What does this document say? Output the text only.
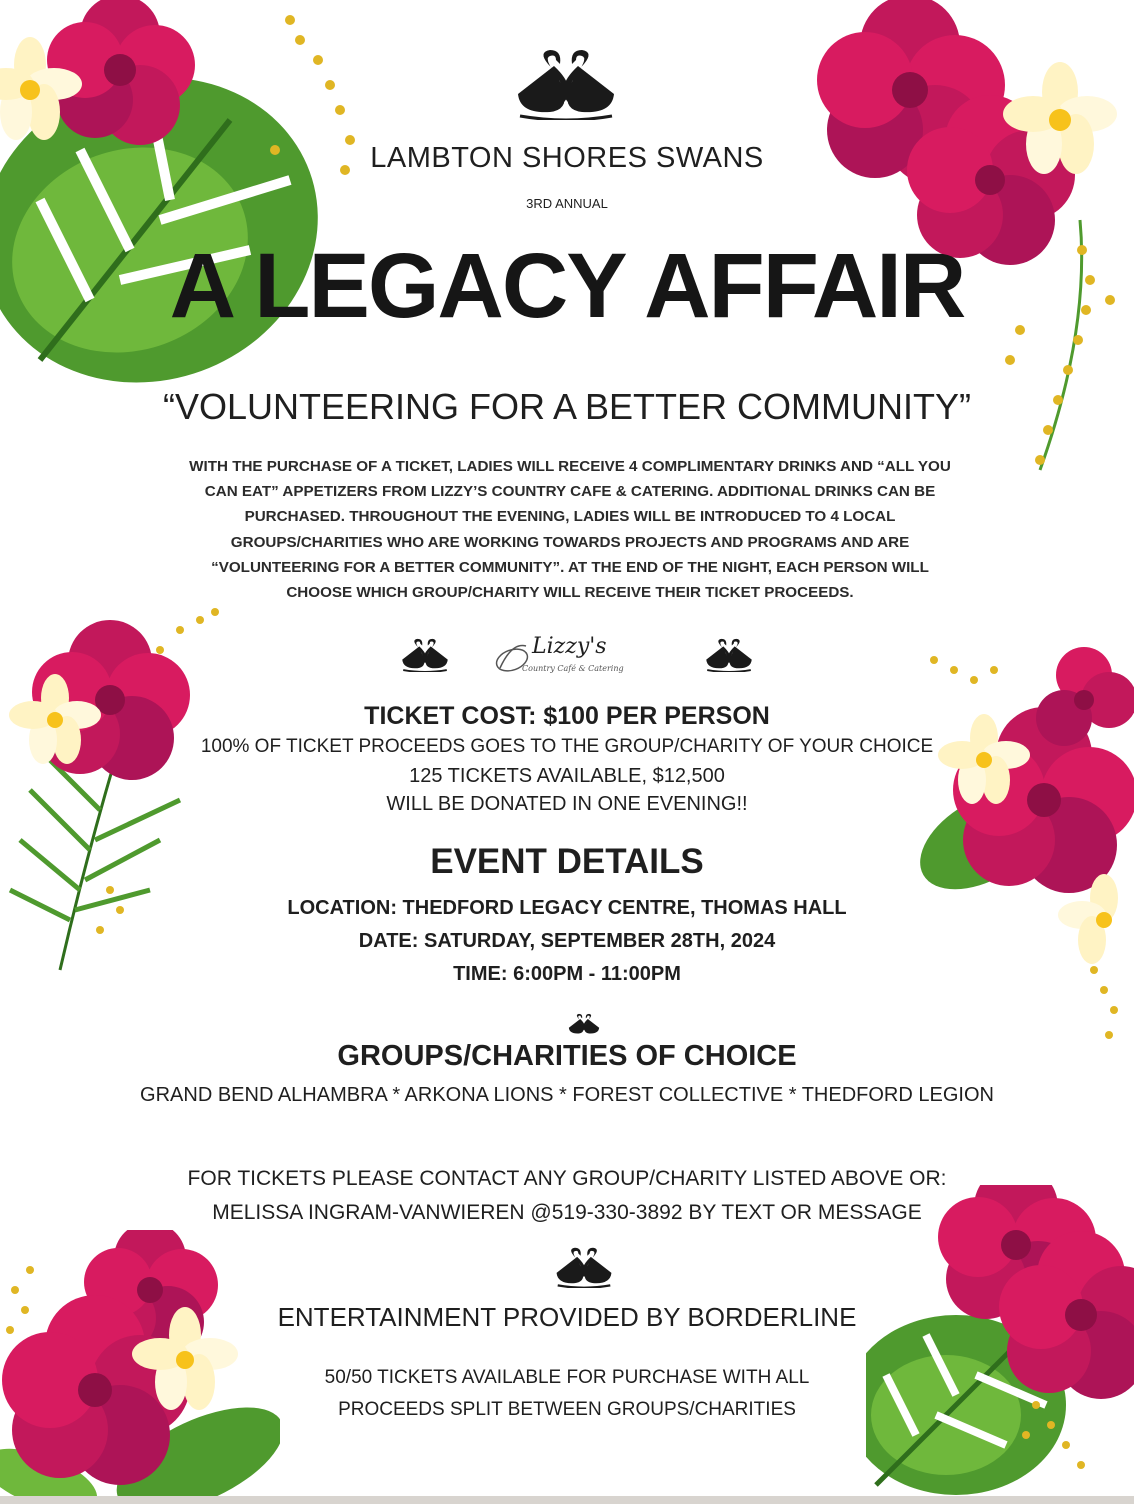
Lizzy's
Country Café & Catering
LAMBTON SHORES SWANS
3RD ANNUAL
A LEGACY AFFAIR
“VOLUNTEERING FOR A BETTER COMMUNITY”
WITH THE PURCHASE OF A TICKET, LADIES WILL RECEIVE 4 COMPLIMENTARY DRINKS AND “ALL YOU
CAN EAT” APPETIZERS FROM LIZZY’S COUNTRY CAFE & CATERING. ADDITIONAL DRINKS CAN BE
PURCHASED. THROUGHOUT THE EVENING, LADIES WILL BE INTRODUCED TO 4 LOCAL
GROUPS/CHARITIES WHO ARE WORKING TOWARDS PROJECTS AND PROGRAMS AND ARE
“VOLUNTEERING FOR A BETTER COMMUNITY”. AT THE END OF THE NIGHT, EACH PERSON WILL
CHOOSE WHICH GROUP/CHARITY WILL RECEIVE THEIR TICKET PROCEEDS.
TICKET COST: $100 PER PERSON
100% OF TICKET PROCEEDS GOES TO THE GROUP/CHARITY OF YOUR CHOICE
125 TICKETS AVAILABLE, $12,500
WILL BE DONATED IN ONE EVENING!!
EVENT DETAILS
LOCATION: THEDFORD LEGACY CENTRE, THOMAS HALL
DATE: SATURDAY, SEPTEMBER 28TH, 2024
TIME: 6:00PM - 11:00PM
GROUPS/CHARITIES OF CHOICE
GRAND BEND ALHAMBRA * ARKONA LIONS * FOREST COLLECTIVE * THEDFORD LEGION
FOR TICKETS PLEASE CONTACT ANY GROUP/CHARITY LISTED ABOVE OR:
MELISSA INGRAM-VANWIEREN @519-330-3892 BY TEXT OR MESSAGE
ENTERTAINMENT PROVIDED BY BORDERLINE
50/50 TICKETS AVAILABLE FOR PURCHASE WITH ALL
PROCEEDS SPLIT BETWEEN GROUPS/CHARITIES
